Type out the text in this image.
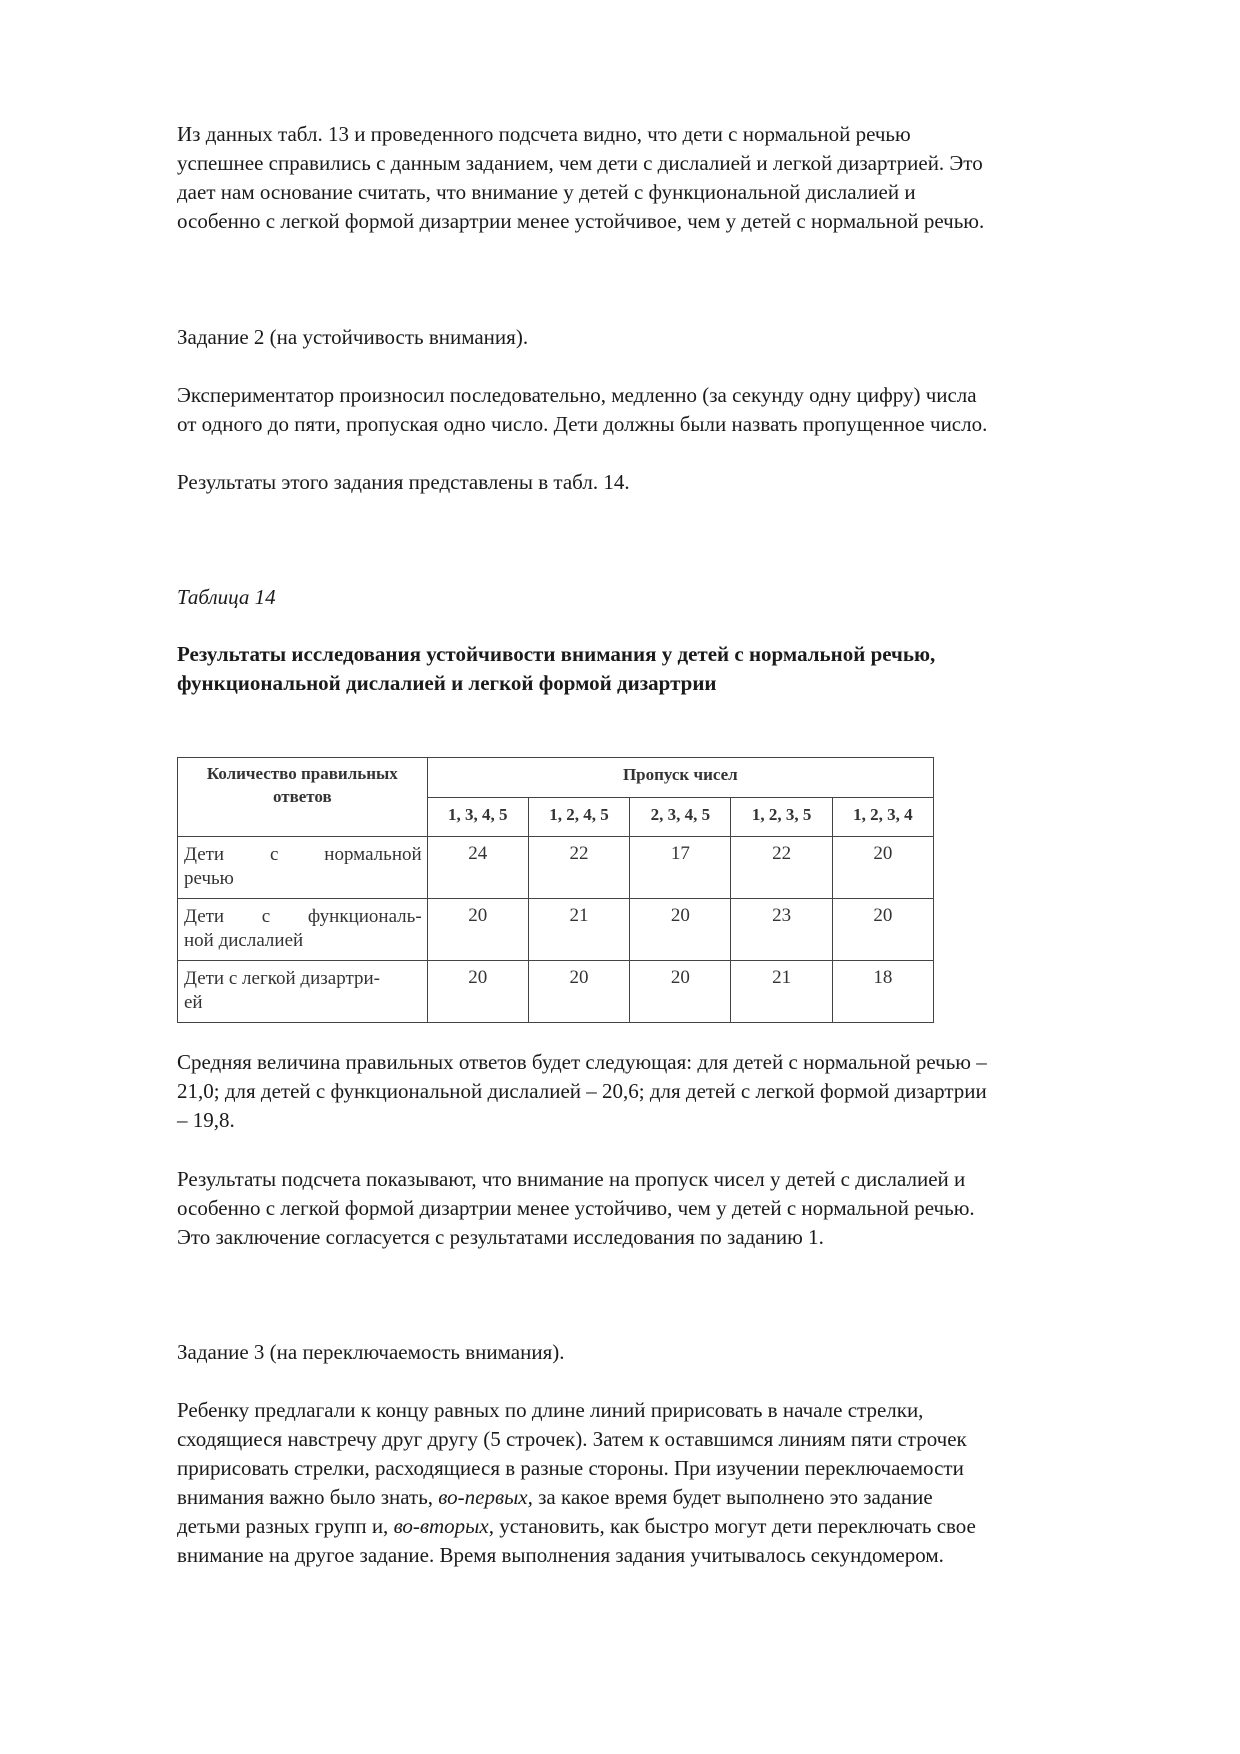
Из данных табл. 13 и проведенного подсчета видно, что дети с нормальной речью
успешнее справились с данным заданием, чем дети с дислалией и легкой дизартрией. Это
дает нам основание считать, что внимание у детей с функциональной дислалией и
особенно с легкой формой дизартрии менее устойчивое, чем у детей с нормальной речью.

Задание 2 (на устойчивость внимания).

Экспериментатор произносил последовательно, медленно (за секунду одну цифру) числа
от одного до пяти, пропуская одно число. Дети должны были назвать пропущенное число.

Результаты этого задания представлены в табл. 14.

Таблица 14

Результаты исследования устойчивости внимания у детей с нормальной речью,
функциональной дислалией и легкой формой дизартрии

Количество правильных
ответов	Пропуск чисел				
	1, 3, 4, 5	1, 2, 4, 5	2, 3, 4, 5	1, 2, 3, 5	1, 2, 3, 4

Дети с нормальной
речью	24	22	17	22	20

Дети с функциональ-
ной дислалией	20	21	20	23	20

Дети с легкой дизартри-
ей	20	20	20	21	18

Средняя величина правильных ответов будет следующая: для детей с нормальной речью –
21,0; для детей с функциональной дислалией – 20,6; для детей с легкой формой дизартрии
– 19,8.

Результаты подсчета показывают, что внимание на пропуск чисел у детей с дислалией и
особенно с легкой формой дизартрии менее устойчиво, чем у детей с нормальной речью.
Это заключение согласуется с результатами исследования по заданию 1.

Задание 3 (на переключаемость внимания).

Ребенку предлагали к концу равных по длине линий пририсовать в начале стрелки,
сходящиеся навстречу друг другу (5 строчек). Затем к оставшимся линиям пяти строчек
пририсовать стрелки, расходящиеся в разные стороны. При изучении переключаемости
внимания важно было знать, во-первых, за какое время будет выполнено это задание
детьми разных групп и, во-вторых, установить, как быстро могут дети переключать свое
внимание на другое задание. Время выполнения задания учитывалось секундомером.
